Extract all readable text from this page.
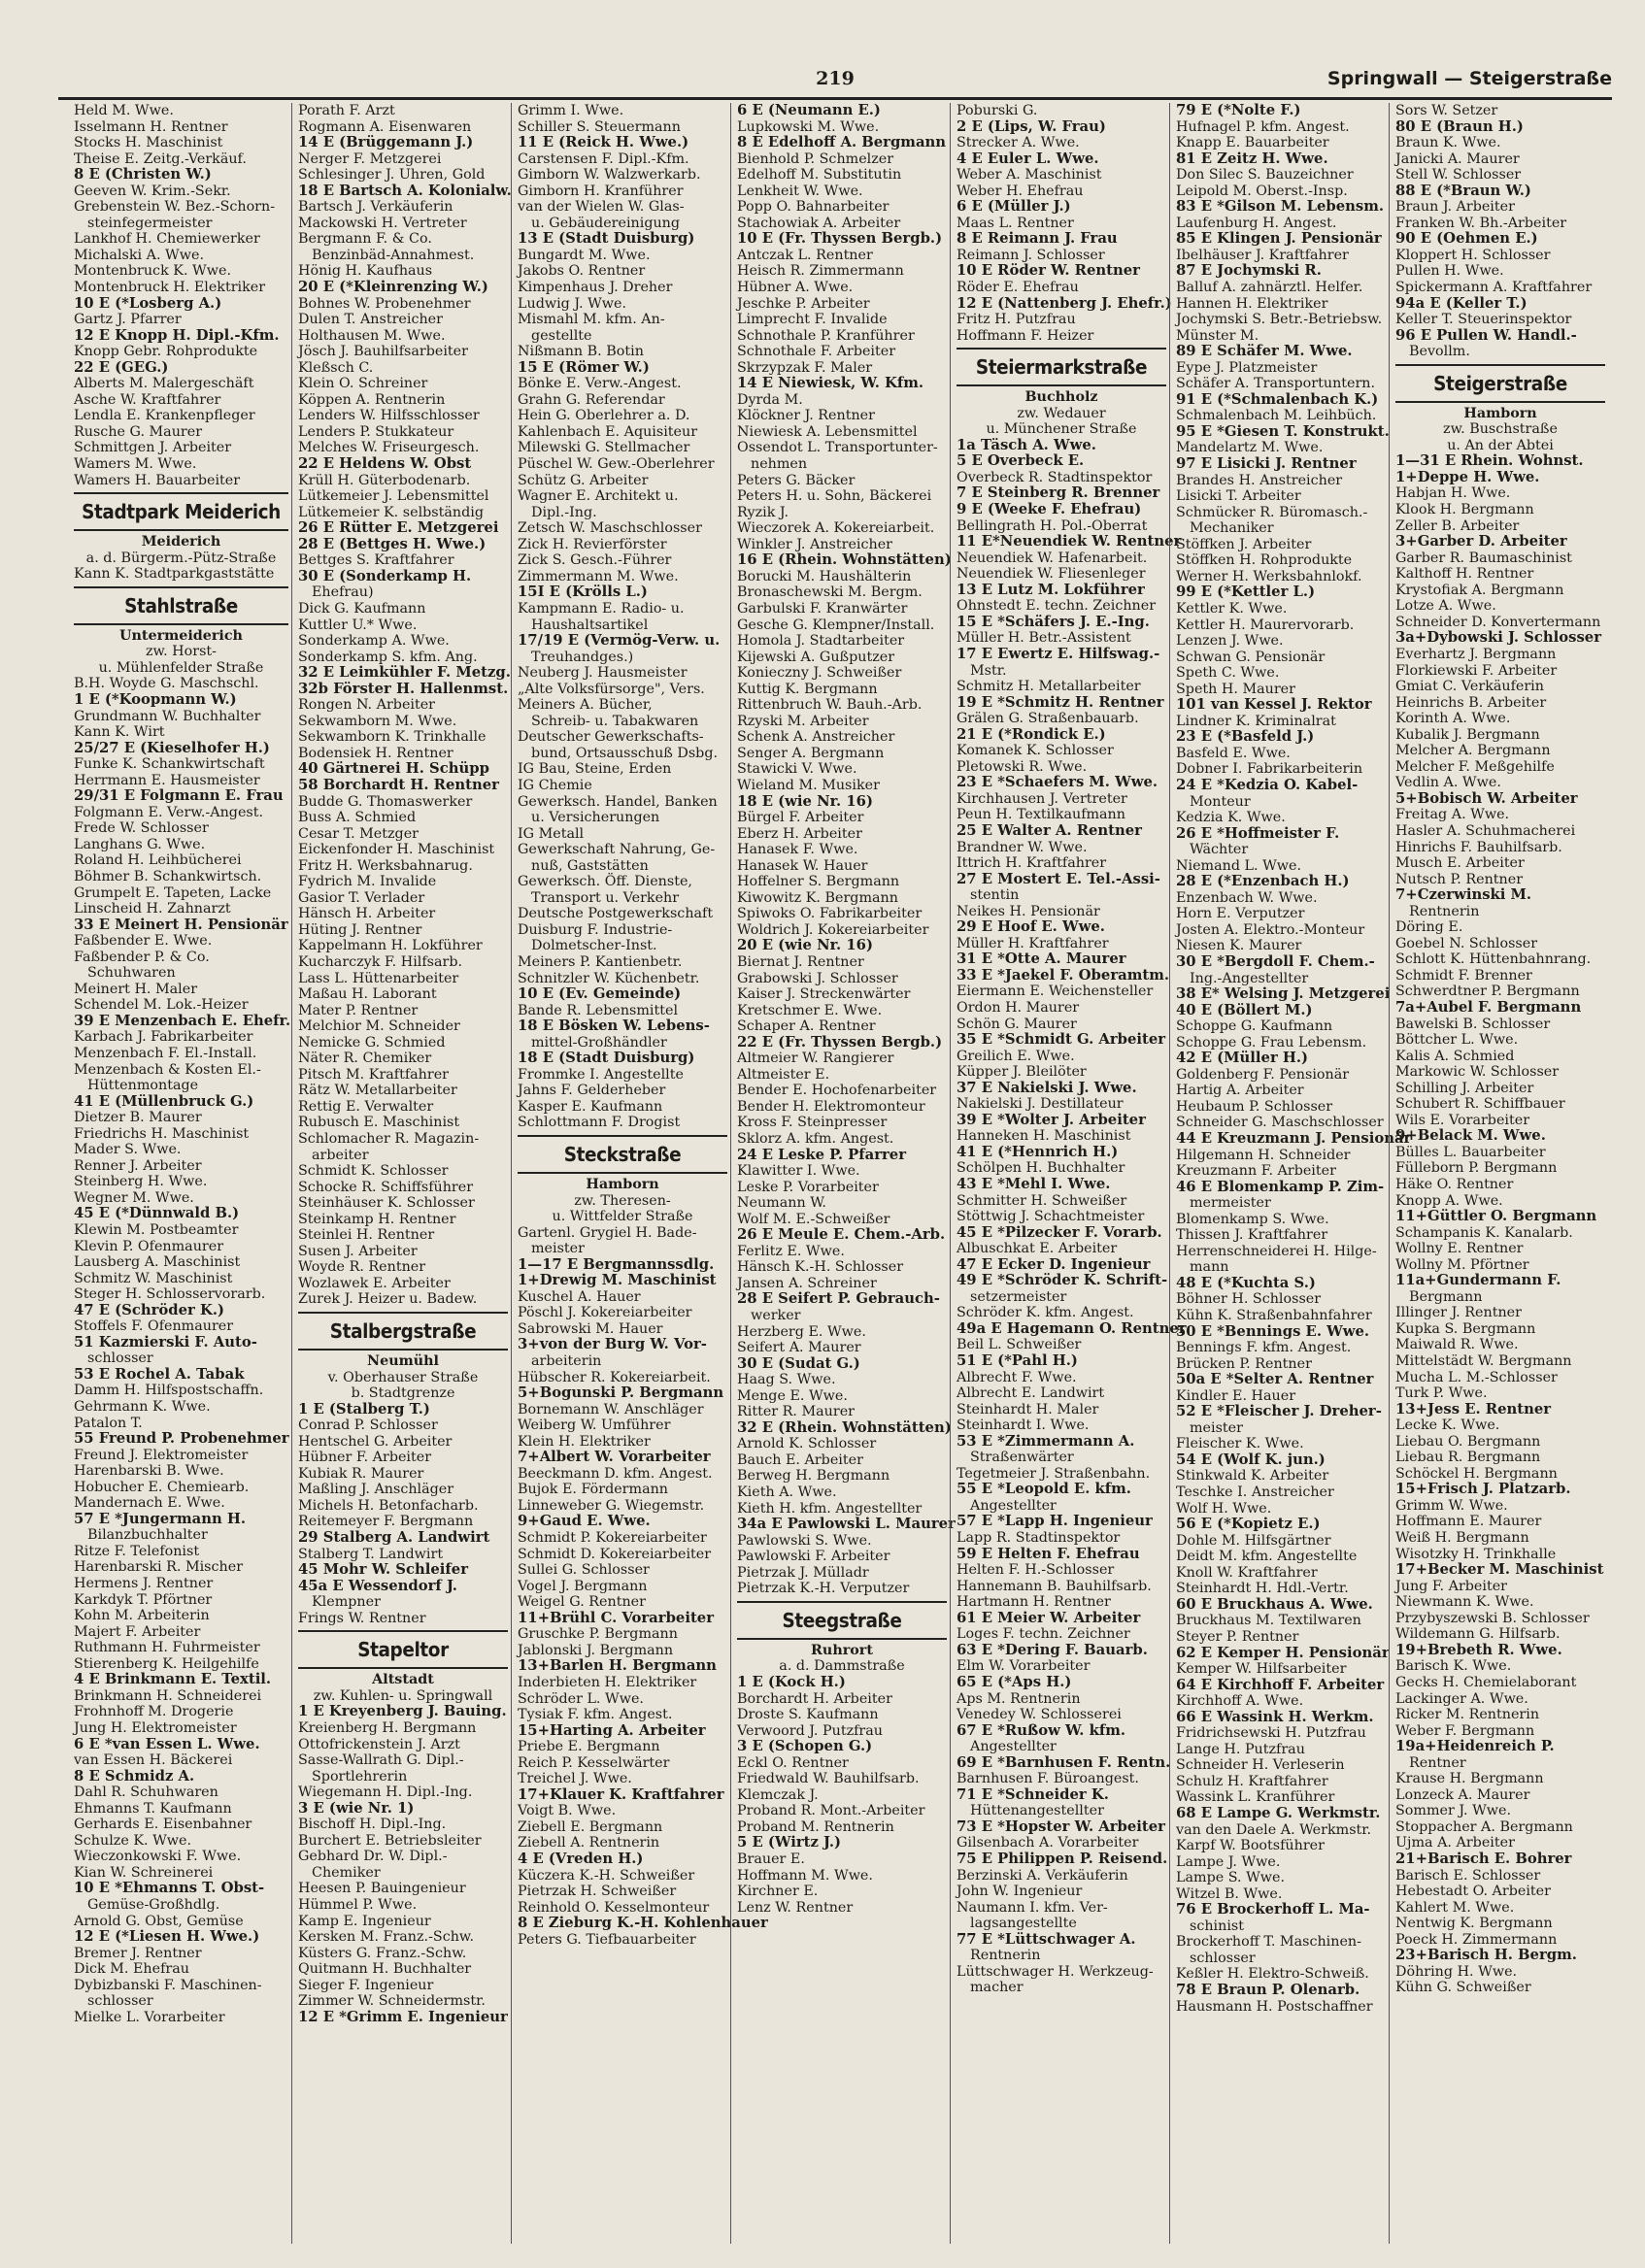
219	Springwall — Steigerstraße
Held M. Wwe.
Isselmann H. Rentner
Stocks H. Maschinist
Theise E. Zeitg.-Verkäuf.
8 E (Christen W.)
Geeven W. Krim.-Sekr.
Grebenstein W. Bez.-Schorn-
steinfegermeister
Lankhof H. Chemiewerker
Michalski A. Wwe.
Montenbruck K. Wwe.
Montenbruck H. Elektriker
10 E (*Losberg A.)
Gartz J. Pfarrer
12 E Knopp H. Dipl.-Kfm.
Knopp Gebr. Rohprodukte
22 E (GEG.)
Alberts M. Malergeschäft
Asche W. Kraftfahrer
Lendla E. Krankenpfleger
Rusche G. Maurer
Schmittgen J. Arbeiter
Wamers M. Wwe.
Wamers H. Bauarbeiter
Stadtpark Meiderich
Meiderich
a. d. Bürgerm.-Pütz-Straße
Kann K. Stadtparkgaststätte
Stahlstraße
Untermeiderich
zw. Horst-
u. Mühlenfelder Straße
B.H. Woyde G. Maschschl.
1 E (*Koopmann W.)
Grundmann W. Buchhalter
Kann K. Wirt
25/27 E (Kieselhofer H.)
Funke K. Schankwirtschaft
Herrmann E. Hausmeister
29/31 E Folgmann E. Frau
Folgmann E. Verw.-Angest.
Frede W. Schlosser
Langhans G. Wwe.
Roland H. Leihbücherei
Böhmer B. Schankwirtsch.
Grumpelt E. Tapeten, Lacke
Linscheid H. Zahnarzt
33 E Meinert H. Pensionär
Faßbender E. Wwe.
Faßbender P. & Co.
Schuhwaren
Meinert H. Maler
Schendel M. Lok.-Heizer
39 E Menzenbach E. Ehefr.
Karbach J. Fabrikarbeiter
Menzenbach F. El.-Install.
Menzenbach & Kosten El.-
Hüttenmontage
41 E (Müllenbruck G.)
Dietzer B. Maurer
Friedrichs H. Maschinist
Mader S. Wwe.
Renner J. Arbeiter
Steinberg H. Wwe.
Wegner M. Wwe.
45 E (*Dünnwald B.)
Klewin M. Postbeamter
Klevin P. Ofenmaurer
Lausberg A. Maschinist
Schmitz W. Maschinist
Steger H. Schlosservorarb.
47 E (Schröder K.)
Stoffels F. Ofenmaurer
51 Kazmierski F. Auto-
schlosser
53 E Rochel A. Tabak
Damm H. Hilfspostschaffn.
Gehrmann K. Wwe.
Patalon T.
55 Freund P. Probenehmer
Freund J. Elektromeister
Harenbarski B. Wwe.
Hobucher E. Chemiearb.
Mandernach E. Wwe.
57 E *Jungermann H.
Bilanzbuchhalter
Ritze F. Telefonist
Harenbarski R. Mischer
Hermens J. Rentner
Karkdyk T. Pförtner
Kohn M. Arbeiterin
Majert F. Arbeiter
Ruthmann H. Fuhrmeister
Stierenberg K. Heilgehilfe
4 E Brinkmann E. Textil.
Brinkmann H. Schneiderei
Frohnhoff M. Drogerie
Jung H. Elektromeister
6 E *van Essen L. Wwe.
van Essen H. Bäckerei
8 E Schmidz A.
Dahl R. Schuhwaren
Ehmanns T. Kaufmann
Gerhards E. Eisenbahner
Schulze K. Wwe.
Wieczonkowski F. Wwe.
Kian W. Schreinerei
10 E *Ehmanns T. Obst-
Gemüse-Großhdlg.
Arnold G. Obst, Gemüse
12 E (*Liesen H. Wwe.)
Bremer J. Rentner
Dick M. Ehefrau
Dybizbanski F. Maschinen-
schlosser
Mielke L. Vorarbeiter
Porath F. Arzt
Rogmann A. Eisenwaren
14 E (Brüggemann J.)
Nerger F. Metzgerei
Schlesinger J. Uhren, Gold
18 E Bartsch A. Kolonialw.
Bartsch J. Verkäuferin
Mackowski H. Vertreter
Bergmann F. & Co.
Benzinbäd-Annahmest.
Hönig H. Kaufhaus
20 E (*Kleinrenzing W.)
Bohnes W. Probenehmer
Dulen T. Anstreicher
Holthausen M. Wwe.
Jösch J. Bauhilfsarbeiter
Kleßsch C.
Klein O. Schreiner
Köppen A. Rentnerin
Lenders W. Hilfsschlosser
Lenders P. Stukkateur
Melches W. Friseurgesch.
22 E Heldens W. Obst
Krüll H. Güterbodenarb.
Lütkemeier J. Lebensmittel
Lütkemeier K. selbständig
26 E Rütter E. Metzgerei
28 E (Bettges H. Wwe.)
Bettges S. Kraftfahrer
30 E (Sonderkamp H.
Ehefrau)
Dick G. Kaufmann
Kuttler U.* Wwe.
Sonderkamp A. Wwe.
Sonderkamp S. kfm. Ang.
32 E Leimkühler F. Metzg.
32b Förster H. Hallenmst.
Rongen N. Arbeiter
Sekwamborn M. Wwe.
Sekwamborn K. Trinkhalle
Bodensiek H. Rentner
40 Gärtnerei H. Schüpp
58 Borchardt H. Rentner
Budde G. Thomaswerker
Buss A. Schmied
Cesar T. Metzger
Eickenfonder H. Maschinist
Fritz H. Werksbahnarug.
Fydrich M. Invalide
Gasior T. Verlader
Hänsch H. Arbeiter
Hüting J. Rentner
Kappelmann H. Lokführer
Kucharczyk F. Hilfsarb.
Lass L. Hüttenarbeiter
Maßau H. Laborant
Mater P. Rentner
Melchior M. Schneider
Nemicke G. Schmied
Näter R. Chemiker
Pitsch M. Kraftfahrer
Rätz W. Metallarbeiter
Rettig E. Verwalter
Rubusch E. Maschinist
Schlomacher R. Magazin-
arbeiter
Schmidt K. Schlosser
Schocke R. Schiffsführer
Steinhäuser K. Schlosser
Steinkamp H. Rentner
Steinlei H. Rentner
Susen J. Arbeiter
Woyde R. Rentner
Wozlawek E. Arbeiter
Zurek J. Heizer u. Badew.
Stalbergstraße
Neumühl
v. Oberhauser Straße
b. Stadtgrenze
1 E (Stalberg T.)
Conrad P. Schlosser
Hentschel G. Arbeiter
Hübner F. Arbeiter
Kubiak R. Maurer
Maßling J. Anschläger
Michels H. Betonfacharb.
Reitemeyer F. Bergmann
29 Stalberg A. Landwirt
Stalberg T. Landwirt
45 Mohr W. Schleifer
45a E Wessendorf J.
Klempner
Frings W. Rentner
Stapeltor
Altstadt
zw. Kuhlen- u. Springwall
1 E Kreyenberg J. Bauing.
Kreienberg H. Bergmann
Ottofrickenstein J. Arzt
Sasse-Wallrath G. Dipl.-
Sportlehrerin
Wiegemann H. Dipl.-Ing.
3 E (wie Nr. 1)
Bischoff H. Dipl.-Ing.
Burchert E. Betriebsleiter
Gebhard Dr. W. Dipl.-
Chemiker
Heesen P. Bauingenieur
Hümmel P. Wwe.
Kamp E. Ingenieur
Kersken M. Franz.-Schw.
Küsters G. Franz.-Schw.
Quitmann H. Buchhalter
Sieger F. Ingenieur
Zimmer W. Schneidermstr.
12 E *Grimm E. Ingenieur
Grimm I. Wwe.
Schiller S. Steuermann
11 E (Reick H. Wwe.)
Carstensen F. Dipl.-Kfm.
Gimborn W. Walzwerkarb.
Gimborn H. Kranführer
van der Wielen W. Glas-
u. Gebäudereinigung
13 E (Stadt Duisburg)
Bungardt M. Wwe.
Jakobs O. Rentner
Kimpenhaus J. Dreher
Ludwig J. Wwe.
Mismahl M. kfm. An-
gestellte
Nißmann B. Botin
15 E (Römer W.)
Bönke E. Verw.-Angest.
Grahn G. Referendar
Hein G. Oberlehrer a. D.
Kahlenbach E. Aquisiteur
Milewski G. Stellmacher
Püschel W. Gew.-Oberlehrer
Schütz G. Arbeiter
Wagner E. Architekt u.
Dipl.-Ing.
Zetsch W. Maschschlosser
Zick H. Revierförster
Zick S. Gesch.-Führer
Zimmermann M. Wwe.
15I E (Krölls L.)
Kampmann E. Radio- u.
Haushaltsartikel
17/19 E (Vermög-Verw. u.
Treuhandges.)
Neuberg J. Hausmeister
„Alte Volksfürsorge", Vers.
Meiners A. Bücher,
Schreib- u. Tabakwaren
Deutscher Gewerkschafts-
bund, Ortsausschuß Dsbg.
IG Bau, Steine, Erden
IG Chemie
Gewerksch. Handel, Banken
u. Versicherungen
IG Metall
Gewerkschaft Nahrung, Ge-
nuß, Gaststätten
Gewerksch. Öff. Dienste,
Transport u. Verkehr
Deutsche Postgewerkschaft
Duisburg F. Industrie-
Dolmetscher-Inst.
Meiners P. Kantienbetr.
Schnitzler W. Küchenbetr.
10 E (Ev. Gemeinde)
Bande R. Lebensmittel
18 E Bösken W. Lebens-
mittel-Großhändler
18 E (Stadt Duisburg)
Frommke I. Angestellte
Jahns F. Gelderheber
Kasper E. Kaufmann
Schlottmann F. Drogist
Steckstraße
Hamborn
zw. Theresen-
u. Wittfelder Straße
Gartenl. Grygiel H. Bade-
meister
1—17 E Bergmannssdlg.
1+Drewig M. Maschinist
Kuschel A. Hauer
Pöschl J. Kokereiarbeiter
Sabrowski M. Hauer
3+von der Burg W. Vor-
arbeiterin
Hübscher R. Kokereiarbeit.
5+Bogunski P. Bergmann
Bornemann W. Anschläger
Weiberg W. Umführer
Klein H. Elektriker
7+Albert W. Vorarbeiter
Beeckmann D. kfm. Angest.
Bujok E. Fördermann
Linneweber G. Wiegemstr.
9+Gaud E. Wwe.
Schmidt P. Kokereiarbeiter
Schmidt D. Kokereiarbeiter
Sullei G. Schlosser
Vogel J. Bergmann
Weigel G. Rentner
11+Brühl C. Vorarbeiter
Gruschke P. Bergmann
Jablonski J. Bergmann
13+Barlen H. Bergmann
Inderbieten H. Elektriker
Schröder L. Wwe.
Tysiak F. kfm. Angest.
15+Harting A. Arbeiter
Priebe E. Bergmann
Reich P. Kesselwärter
Treichel J. Wwe.
17+Klauer K. Kraftfahrer
Voigt B. Wwe.
Ziebell E. Bergmann
Ziebell A. Rentnerin
4 E (Vreden H.)
Küczera K.-H. Schweißer
Pietrzak H. Schweißer
Reinhold O. Kesselmonteur
8 E Zieburg K.-H. Kohlenhauer
Peters G. Tiefbauarbeiter
6 E (Neumann E.)
Lupkowski M. Wwe.
8 E Edelhoff A. Bergmann
Bienhold P. Schmelzer
Edelhoff M. Substitutin
Lenkheit W. Wwe.
Popp O. Bahnarbeiter
Stachowiak A. Arbeiter
10 E (Fr. Thyssen Bergb.)
Antczak L. Rentner
Heisch R. Zimmermann
Hübner A. Wwe.
Jeschke P. Arbeiter
Limprecht F. Invalide
Schnothale P. Kranführer
Schnothale F. Arbeiter
Skrzypzak F. Maler
14 E Niewiesk, W. Kfm.
Dyrda M.
Klöckner J. Rentner
Niewiesk A. Lebensmittel
Ossendot L. Transportunter-
nehmen
Peters G. Bäcker
Peters H. u. Sohn, Bäckerei
Ryzik J.
Wieczorek A. Kokereiarbeit.
Winkler J. Anstreicher
16 E (Rhein. Wohnstätten)
Borucki M. Haushälterin
Bronaschewski M. Bergm.
Garbulski F. Kranwärter
Gesche G. Klempner/Install.
Homola J. Stadtarbeiter
Kijewski A. Gußputzer
Konieczny J. Schweißer
Kuttig K. Bergmann
Rittenbruch W. Bauh.-Arb.
Rzyski M. Arbeiter
Schenk A. Anstreicher
Senger A. Bergmann
Stawicki V. Wwe.
Wieland M. Musiker
18 E (wie Nr. 16)
Bürgel F. Arbeiter
Eberz H. Arbeiter
Hanasek F. Wwe.
Hanasek W. Hauer
Hoffelner S. Bergmann
Kiwowitz K. Bergmann
Spiwoks O. Fabrikarbeiter
Woldrich J. Kokereiarbeiter
20 E (wie Nr. 16)
Biernat J. Rentner
Grabowski J. Schlosser
Kaiser J. Streckenwärter
Kretschmer E. Wwe.
Schaper A. Rentner
22 E (Fr. Thyssen Bergb.)
Altmeier W. Rangierer
Altmeister E.
Bender E. Hochofenarbeiter
Bender H. Elektromonteur
Kross F. Steinpresser
Sklorz A. kfm. Angest.
24 E Leske P. Pfarrer
Klawitter I. Wwe.
Leske P. Vorarbeiter
Neumann W.
Wolf M. E.-Schweißer
26 E Meule E. Chem.-Arb.
Ferlitz E. Wwe.
Hänsch K.-H. Schlosser
Jansen A. Schreiner
28 E Seifert P. Gebrauch-
werker
Herzberg E. Wwe.
Seifert A. Maurer
30 E (Sudat G.)
Haag S. Wwe.
Menge E. Wwe.
Ritter R. Maurer
32 E (Rhein. Wohnstätten)
Arnold K. Schlosser
Bauch E. Arbeiter
Berweg H. Bergmann
Kieth A. Wwe.
Kieth H. kfm. Angestellter
34a E Pawlowski L. Maurer
Pawlowski S. Wwe.
Pawlowski F. Arbeiter
Pietrzak J. Mülladr
Pietrzak K.-H. Verputzer
Steegstraße
Ruhrort
a. d. Dammstraße
1 E (Kock H.)
Borchardt H. Arbeiter
Droste S. Kaufmann
Verwoord J. Putzfrau
3 E (Schopen G.)
Eckl O. Rentner
Friedwald W. Bauhilfsarb.
Klemczak J.
Proband R. Mont.-Arbeiter
Proband M. Rentnerin
5 E (Wirtz J.)
Brauer E.
Hoffmann M. Wwe.
Kirchner E.
Lenz W. Rentner
Poburski G.
2 E (Lips, W. Frau)
Strecker A. Wwe.
4 E Euler L. Wwe.
Weber A. Maschinist
Weber H. Ehefrau
6 E (Müller J.)
Maas L. Rentner
8 E Reimann J. Frau
Reimann J. Schlosser
10 E Röder W. Rentner
Röder E. Ehefrau
12 E (Nattenberg J. Ehefr.)
Fritz H. Putzfrau
Hoffmann F. Heizer
Steiermarkstraße
Buchholz
zw. Wedauer
u. Münchener Straße
1a Täsch A. Wwe.
5 E Overbeck E.
Overbeck R. Stadtinspektor
7 E Steinberg R. Brenner
9 E (Weeke F. Ehefrau)
Bellingrath H. Pol.-Oberrat
11 E*Neuendiek W. Rentner
Neuendiek W. Hafenarbeit.
Neuendiek W. Fliesenleger
13 E Lutz M. Lokführer
Ohnstedt E. techn. Zeichner
15 E *Schäfers J. E.-Ing.
Müller H. Betr.-Assistent
17 E Ewertz E. Hilfswag.-
Mstr.
Schmitz H. Metallarbeiter
19 E *Schmitz H. Rentner
Grälen G. Straßenbauarb.
21 E (*Rondick E.)
Komanek K. Schlosser
Pletowski R. Wwe.
23 E *Schaefers M. Wwe.
Kirchhausen J. Vertreter
Peun H. Textilkaufmann
25 E Walter A. Rentner
Brandner W. Wwe.
Ittrich H. Kraftfahrer
27 E Mostert E. Tel.-Assi-
stentin
Neikes H. Pensionär
29 E Hoof E. Wwe.
Müller H. Kraftfahrer
31 E *Otte A. Maurer
33 E *Jaekel F. Oberamtm.
Eiermann E. Weichensteller
Ordon H. Maurer
Schön G. Maurer
35 E *Schmidt G. Arbeiter
Greilich E. Wwe.
Küpper J. Bleilöter
37 E Nakielski J. Wwe.
Nakielski J. Destillateur
39 E *Wolter J. Arbeiter
Hanneken H. Maschinist
41 E (*Hennrich H.)
Schölpen H. Buchhalter
43 E *Mehl I. Wwe.
Schmitter H. Schweißer
Stöttwig J. Schachtmeister
45 E *Pilzecker F. Vorarb.
Albuschkat E. Arbeiter
47 E Ecker D. Ingenieur
49 E *Schröder K. Schrift-
setzermeister
Schröder K. kfm. Angest.
49a E Hagemann O. Rentner
Beil L. Schweißer
51 E (*Pahl H.)
Albrecht F. Wwe.
Albrecht E. Landwirt
Steinhardt H. Maler
Steinhardt I. Wwe.
53 E *Zimmermann A.
Straßenwärter
Tegetmeier J. Straßenbahn.
55 E *Leopold E. kfm.
Angestellter
57 E *Lapp H. Ingenieur
Lapp R. Stadtinspektor
59 E Helten F. Ehefrau
Helten F. H.-Schlosser
Hannemann B. Bauhilfsarb.
Hartmann H. Rentner
61 E Meier W. Arbeiter
Loges F. techn. Zeichner
63 E *Dering F. Bauarb.
Elm W. Vorarbeiter
65 E (*Aps H.)
Aps M. Rentnerin
Venedey W. Schlosserei
67 E *Rußow W. kfm.
Angestellter
69 E *Barnhusen F. Rentn.
Barnhusen F. Büroangest.
71 E *Schneider K.
Hüttenangestellter
73 E *Hopster W. Arbeiter
Gilsenbach A. Vorarbeiter
75 E Philippen P. Reisend.
Berzinski A. Verkäuferin
John W. Ingenieur
Naumann I. kfm. Ver-
lagsangestellte
77 E *Lüttschwager A.
Rentnerin
Lüttschwager H. Werkzeug-
macher
79 E (*Nolte F.)
Hufnagel P. kfm. Angest.
Knapp E. Bauarbeiter
81 E Zeitz H. Wwe.
Don Silec S. Bauzeichner
Leipold M. Oberst.-Insp.
83 E *Gilson M. Lebensm.
Laufenburg H. Angest.
85 E Klingen J. Pensionär
Ibelhäuser J. Kraftfahrer
87 E Jochymski R.
Balluf A. zahnärztl. Helfer.
Hannen H. Elektriker
Jochymski S. Betr.-Betriebsw.
Münster M.
89 E Schäfer M. Wwe.
Eype J. Platzmeister
Schäfer A. Transportuntern.
91 E (*Schmalenbach K.)
Schmalenbach M. Leihbüch.
95 E *Giesen T. Konstrukt.
Mandelartz M. Wwe.
97 E Lisicki J. Rentner
Brandes H. Anstreicher
Lisicki T. Arbeiter
Schmücker R. Büromasch.-
Mechaniker
Stöffken J. Arbeiter
Stöffken H. Rohprodukte
Werner H. Werksbahnlokf.
99 E (*Kettler L.)
Kettler K. Wwe.
Kettler H. Maurervorarb.
Lenzen J. Wwe.
Schwan G. Pensionär
Speth C. Wwe.
Speth H. Maurer
101 van Kessel J. Rektor
Lindner K. Kriminalrat
23 E (*Basfeld J.)
Basfeld E. Wwe.
Dobner I. Fabrikarbeiterin
24 E *Kedzia O. Kabel-
Monteur
Kedzia K. Wwe.
26 E *Hoffmeister F.
Wächter
Niemand L. Wwe.
28 E (*Enzenbach H.)
Enzenbach W. Wwe.
Horn E. Verputzer
Josten A. Elektro.-Monteur
Niesen K. Maurer
30 E *Bergdoll F. Chem.-
Ing.-Angestellter
38 E* Welsing J. Metzgerei
40 E (Böllert M.)
Schoppe G. Kaufmann
Schoppe G. Frau Lebensm.
42 E (Müller H.)
Goldenberg F. Pensionär
Hartig A. Arbeiter
Heubaum P. Schlosser
Schneider G. Maschschlosser
44 E Kreuzmann J. Pensionär
Hilgemann H. Schneider
Kreuzmann F. Arbeiter
46 E Blomenkamp P. Zim-
mermeister
Blomenkamp S. Wwe.
Thissen J. Kraftfahrer
Herrenschneiderei H. Hilge-
mann
48 E (*Kuchta S.)
Böhner H. Schlosser
Kühn K. Straßenbahnfahrer
50 E *Bennings E. Wwe.
Bennings F. kfm. Angest.
Brücken P. Rentner
50a E *Selter A. Rentner
Kindler E. Hauer
52 E *Fleischer J. Dreher-
meister
Fleischer K. Wwe.
54 E (Wolf K. jun.)
Stinkwald K. Arbeiter
Teschke I. Anstreicher
Wolf H. Wwe.
56 E (*Kopietz E.)
Dohle M. Hilfsgärtner
Deidt M. kfm. Angestellte
Knoll W. Kraftfahrer
Steinhardt H. Hdl.-Vertr.
60 E Bruckhaus A. Wwe.
Bruckhaus M. Textilwaren
Steyer P. Rentner
62 E Kemper H. Pensionär
Kemper W. Hilfsarbeiter
64 E Kirchhoff F. Arbeiter
Kirchhoff A. Wwe.
66 E Wassink H. Werkm.
Fridrichsewski H. Putzfrau
Lange H. Putzfrau
Schneider H. Verleserin
Schulz H. Kraftfahrer
Wassink L. Kranführer
68 E Lampe G. Werkmstr.
van den Daele A. Werkmstr.
Karpf W. Bootsführer
Lampe J. Wwe.
Lampe S. Wwe.
Witzel B. Wwe.
76 E Brockerhoff L. Ma-
schinist
Brockerhoff T. Maschinen-
schlosser
Keßler H. Elektro-Schweiß.
78 E Braun P. Olenarb.
Hausmann H. Postschaffner
Sors W. Setzer
80 E (Braun H.)
Braun K. Wwe.
Janicki A. Maurer
Stell W. Schlosser
88 E (*Braun W.)
Braun J. Arbeiter
Franken W. Bh.-Arbeiter
90 E (Oehmen E.)
Kloppert H. Schlosser
Pullen H. Wwe.
Spickermann A. Kraftfahrer
94a E (Keller T.)
Keller T. Steuerinspektor
96 E Pullen W. Handl.-
Bevollm.
Steigerstraße
Hamborn
zw. Buschstraße
u. An der Abtei
1—31 E Rhein. Wohnst.
1+Deppe H. Wwe.
Habjan H. Wwe.
Klook H. Bergmann
Zeller B. Arbeiter
3+Garber D. Arbeiter
Garber R. Baumaschinist
Kalthoff H. Rentner
Krystofiak A. Bergmann
Lotze A. Wwe.
Schneider D. Konvertermann
3a+Dybowski J. Schlosser
Everhartz J. Bergmann
Florkiewski F. Arbeiter
Gmiat C. Verkäuferin
Heinrichs B. Arbeiter
Korinth A. Wwe.
Kubalik J. Bergmann
Melcher A. Bergmann
Melcher F. Meßgehilfe
Vedlin A. Wwe.
5+Bobisch W. Arbeiter
Freitag A. Wwe.
Hasler A. Schuhmacherei
Hinrichs F. Bauhilfsarb.
Musch E. Arbeiter
Nutsch P. Rentner
7+Czerwinski M.
Rentnerin
Döring E.
Goebel N. Schlosser
Schlott K. Hüttenbahnrang.
Schmidt F. Brenner
Schwerdtner P. Bergmann
7a+Aubel F. Bergmann
Bawelski B. Schlosser
Böttcher L. Wwe.
Kalis A. Schmied
Markowic W. Schlosser
Schilling J. Arbeiter
Schubert R. Schiffbauer
Wils E. Vorarbeiter
9+Belack M. Wwe.
Bülles L. Bauarbeiter
Fülleborn P. Bergmann
Häke O. Rentner
Knopp A. Wwe.
11+Güttler O. Bergmann
Schampanis K. Kanalarb.
Wollny E. Rentner
Wollny M. Pförtner
11a+Gundermann F.
Bergmann
Illinger J. Rentner
Kupka S. Bergmann
Maiwald R. Wwe.
Mittelstädt W. Bergmann
Mucha L. M.-Schlosser
Turk P. Wwe.
13+Jess E. Rentner
Lecke K. Wwe.
Liebau O. Bergmann
Liebau R. Bergmann
Schöckel H. Bergmann
15+Frisch J. Platzarb.
Grimm W. Wwe.
Hoffmann E. Maurer
Weiß H. Bergmann
Wisotzky H. Trinkhalle
17+Becker M. Maschinist
Jung F. Arbeiter
Niewmann K. Wwe.
Przybyszewski B. Schlosser
Wildemann G. Hilfsarb.
19+Brebeth R. Wwe.
Barisch K. Wwe.
Gecks H. Chemielaborant
Lackinger A. Wwe.
Ricker M. Rentnerin
Weber F. Bergmann
19a+Heidenreich P.
Rentner
Krause H. Bergmann
Lonzeck A. Maurer
Sommer J. Wwe.
Stoppacher A. Bergmann
Ujma A. Arbeiter
21+Barisch E. Bohrer
Barisch E. Schlosser
Hebestadt O. Arbeiter
Kahlert M. Wwe.
Nentwig K. Bergmann
Poeck H. Zimmermann
23+Barisch H. Bergm.
Döhring H. Wwe.
Kühn G. Schweißer
